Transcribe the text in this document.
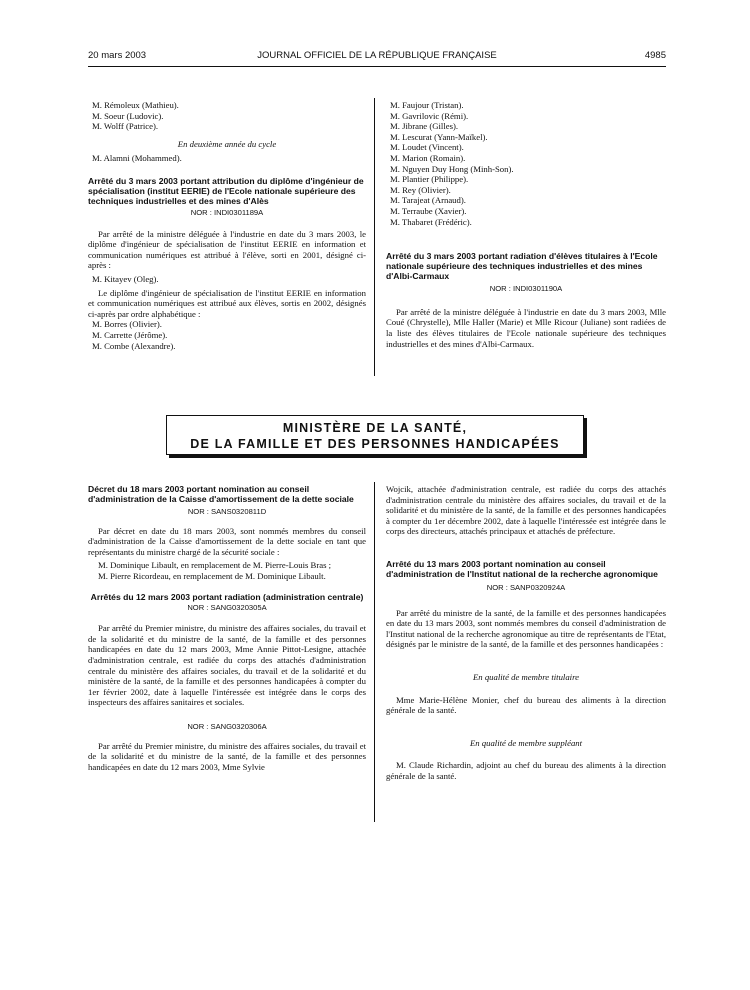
20 mars 2003	JOURNAL OFFICIEL DE LA RÉPUBLIQUE FRANÇAISE	4985

M. Rémoleux (Mathieu).

M. Soeur (Ludovic).

M. Wolff (Patrice).

En deuxième année du cycle

M. Alamni (Mohammed).

Arrêté du 3 mars 2003 portant attribution du diplôme d'ingénieur de spécialisation (institut EERIE) de l'Ecole nationale supérieure des techniques industrielles et des mines d'Alès

NOR : INDI0301189A

Par arrêté de la ministre déléguée à l'industrie en date du 3 mars 2003, le diplôme d'ingénieur de spécialisation de l'institut EERIE en information et communication numériques est attribué à l'élève, sorti en 2001, désigné ci-après :

M. Kitayev (Oleg).

Le diplôme d'ingénieur de spécialisation de l'institut EERIE en information et communication numériques est attribué aux élèves, sortis en 2002, désignés ci-après par ordre alphabétique :

M. Borres (Olivier).

M. Carrette (Jérôme).

M. Combe (Alexandre).

M. Faujour (Tristan).

M. Gavrilovic (Rémi).

M. Jibrane (Gilles).

M. Lescurat (Yann-Maïkel).

M. Loudet (Vincent).

M. Marion (Romain).

M. Nguyen Duy Hong (Minh-Son).

M. Plantier (Philippe).

M. Rey (Olivier).

M. Tarajeat (Arnaud).

M. Terraube (Xavier).

M. Thabaret (Frédéric).

Arrêté du 3 mars 2003 portant radiation d'élèves titulaires à l'Ecole nationale supérieure des techniques industrielles et des mines d'Albi-Carmaux

NOR : INDI0301190A

Par arrêté de la ministre déléguée à l'industrie en date du 3 mars 2003, Mlle Coué (Chrystelle), Mlle Haller (Marie) et Mlle Ricour (Juliane) sont radiées de la liste des élèves titulaires de l'Ecole nationale supérieure des techniques industrielles et des mines d'Albi-Carmaux.

MINISTÈRE DE LA SANTÉ,
DE LA FAMILLE ET DES PERSONNES HANDICAPÉES

Décret du 18 mars 2003 portant nomination au conseil d'administration de la Caisse d'amortissement de la dette sociale

NOR : SANS0320811D

Par décret en date du 18 mars 2003, sont nommés membres du conseil d'administration de la Caisse d'amortissement de la dette sociale en tant que représentants du ministre chargé de la sécurité sociale :

M. Dominique Libault, en remplacement de M. Pierre-Louis Bras ;

M. Pierre Ricordeau, en remplacement de M. Dominique Libault.

Arrêtés du 12 mars 2003 portant radiation (administration centrale)

NOR : SANG0320305A

Par arrêté du Premier ministre, du ministre des affaires sociales, du travail et de la solidarité et du ministre de la santé, de la famille et des personnes handicapées en date du 12 mars 2003, Mme Annie Pittot-Lesigne, attachée d'administration centrale, est radiée du corps des attachés d'administration centrale du ministère des affaires sociales, du travail et de la solidarité et du ministère de la santé, de la famille et des personnes handicapées à compter du 1er février 2002, date à laquelle l'intéressée est intégrée dans le corps des inspecteurs des affaires sanitaires et sociales.

NOR : SANG0320306A

Par arrêté du Premier ministre, du ministre des affaires sociales, du travail et de la solidarité et du ministre de la santé, de la famille et des personnes handicapées en date du 12 mars 2003, Mme Sylvie

Wojcik, attachée d'administration centrale, est radiée du corps des attachés d'administration centrale du ministère des affaires sociales, du travail et de la solidarité et du ministère de la santé, de la famille et des personnes handicapées à compter du 1er décembre 2002, date à laquelle l'intéressée est intégrée dans le corps des directeurs, attachés principaux et attachés de préfecture.

Arrêté du 13 mars 2003 portant nomination au conseil d'administration de l'Institut national de la recherche agronomique

NOR : SANP0320924A

Par arrêté du ministre de la santé, de la famille et des personnes handicapées en date du 13 mars 2003, sont nommés membres du conseil d'administration de l'Institut national de la recherche agronomique au titre de représentants de l'Etat, désignés par le ministre de la santé, de la famille et des personnes handicapées :

En qualité de membre titulaire

Mme Marie-Hélène Monier, chef du bureau des aliments à la direction générale de la santé.

En qualité de membre suppléant

M. Claude Richardin, adjoint au chef du bureau des aliments à la direction générale de la santé.
